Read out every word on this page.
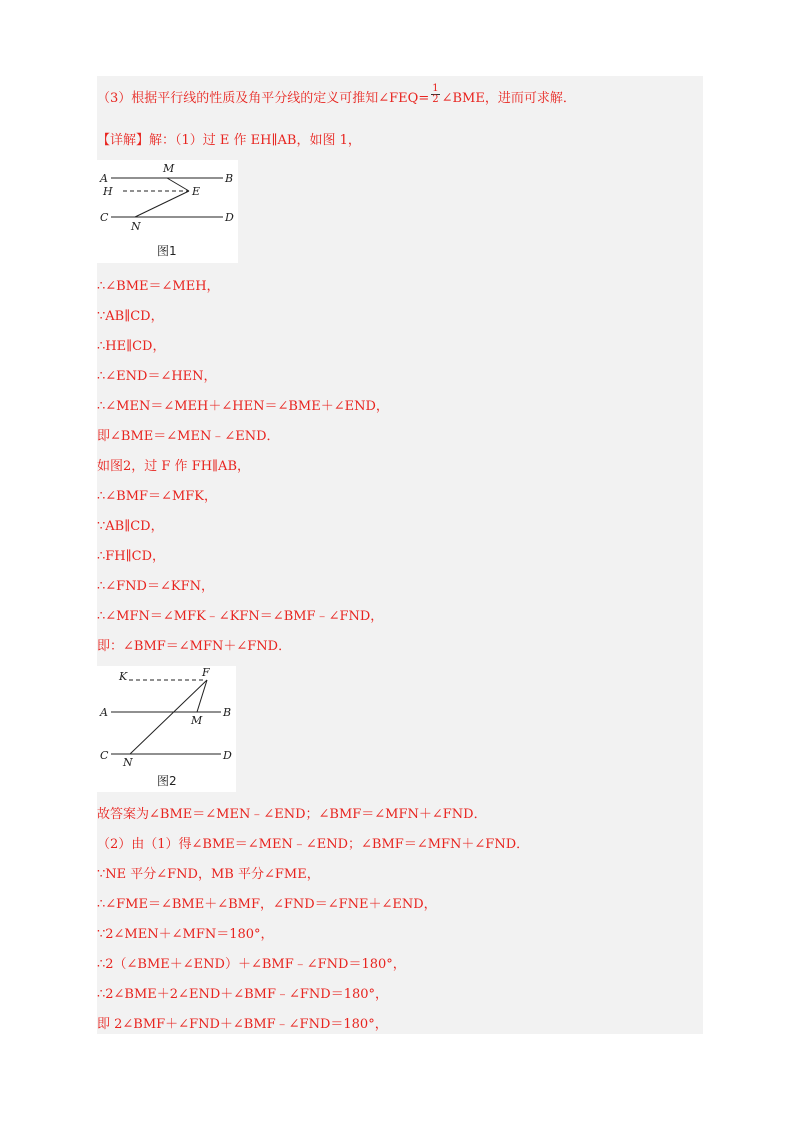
（3）根据平行线的性质及角平分线的定义可推知∠FEQ= $\frac{1}{2}$ ∠BME，进而可求解．
【详解】解：（1）过 E 作 EH∥AB，如图 1，
A	B
C	D
H	E
M
N
图1
∴∠BME＝∠MEH，
∵AB∥CD，
∴HE∥CD，
∴∠END＝∠HEN，
∴∠MEN＝∠MEH＋∠HEN＝∠BME＋∠END，
即∠BME＝∠MEN﹣∠END．
如图2，过 F 作 FH∥AB，
∴∠BMF＝∠MFK，
∵AB∥CD，
∴FH∥CD，
∴∠FND＝∠KFN，
∴∠MFN＝∠MFK﹣∠KFN＝∠BMF﹣∠FND，
即：∠BMF＝∠MFN＋∠FND．
K	F
A	B
M
C
N
D
图2
故答案为∠BME＝∠MEN﹣∠END；∠BMF＝∠MFN＋∠FND．
（2）由（1）得∠BME＝∠MEN﹣∠END；∠BMF＝∠MFN＋∠FND．
∵NE 平分∠FND，MB 平分∠FME，
∴∠FME＝∠BME＋∠BMF，∠FND＝∠FNE＋∠END，
∵2∠MEN＋∠MFN＝180°，
∴2（∠BME＋∠END）＋∠BMF﹣∠FND＝180°，
∴2∠BME＋2∠END＋∠BMF﹣∠FND＝180°，
即 2∠BMF＋∠FND＋∠BMF﹣∠FND＝180°，
